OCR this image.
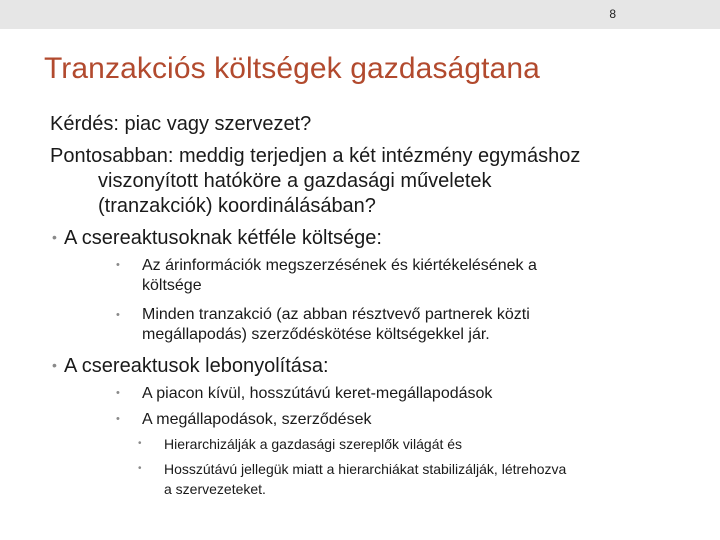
8
Tranzakciós költségek gazdaságtana
Kérdés: piac vagy szervezet?
Pontosabban: meddig terjedjen a két intézmény egymáshoz
viszonyított hatóköre a gazdasági műveletek
(tranzakciók) koordinálásában?
• A csereaktusoknak kétféle költsége:
• Az árinformációk megszerzésének és kiértékelésének a
költsége
• Minden tranzakció (az abban résztvevő partnerek közti
megállapodás) szerződéskötése költségekkel jár.
• A csereaktusok lebonyolítása:
• A piacon kívül, hosszútávú keret-megállapodások
• A megállapodások, szerződések
• Hierarchizálják a gazdasági szereplők világát és
• Hosszútávú jellegük miatt a hierarchiákat stabilizálják, létrehozva
a szervezeteket.
